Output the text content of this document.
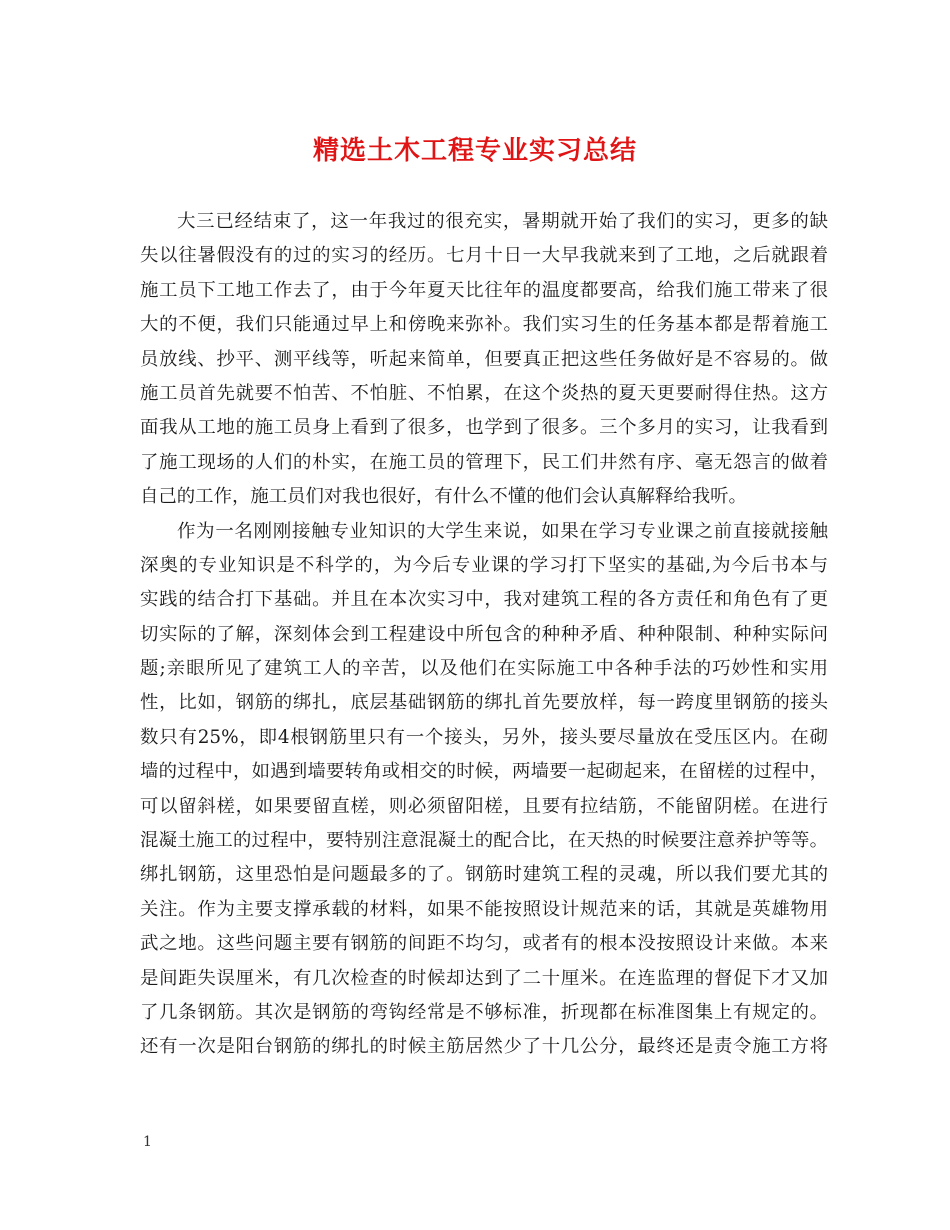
精选土木工程专业实习总结
大三已经结束了，这一年我过的很充实，暑期就开始了我们的实习，更多的缺
失以往暑假没有的过的实习的经历。七月十日一大早我就来到了工地，之后就跟着
施工员下工地工作去了，由于今年夏天比往年的温度都要高，给我们施工带来了很
大的不便，我们只能通过早上和傍晚来弥补。我们实习生的任务基本都是帮着施工
员放线、抄平、测平线等，听起来简单，但要真正把这些任务做好是不容易的。做
施工员首先就要不怕苦、不怕脏、不怕累，在这个炎热的夏天更要耐得住热。这方
面我从工地的施工员身上看到了很多，也学到了很多。三个多月的实习，让我看到
了施工现场的人们的朴实，在施工员的管理下，民工们井然有序、毫无怨言的做着
自己的工作，施工员们对我也很好，有什么不懂的他们会认真解释给我听。
作为一名刚刚接触专业知识的大学生来说，如果在学习专业课之前直接就接触
深奥的专业知识是不科学的，为今后专业课的学习打下坚实的基础,为今后书本与
实践的结合打下基础。并且在本次实习中，我对建筑工程的各方责任和角色有了更
切实际的了解，深刻体会到工程建设中所包含的种种矛盾、种种限制、种种实际问
题;亲眼所见了建筑工人的辛苦，以及他们在实际施工中各种手法的巧妙性和实用
性，比如，钢筋的绑扎，底层基础钢筋的绑扎首先要放样，每一跨度里钢筋的接头
数只有25%，即4根钢筋里只有一个接头，另外，接头要尽量放在受压区内。在砌
墙的过程中，如遇到墙要转角或相交的时候，两墙要一起砌起来，在留槎的过程中，
可以留斜槎，如果要留直槎，则必须留阳槎，且要有拉结筋，不能留阴槎。在进行
混凝土施工的过程中，要特别注意混凝土的配合比，在天热的时候要注意养护等等。
绑扎钢筋，这里恐怕是问题最多的了。钢筋时建筑工程的灵魂，所以我们要尤其的
关注。作为主要支撑承载的材料，如果不能按照设计规范来的话，其就是英雄物用
武之地。这些问题主要有钢筋的间距不均匀，或者有的根本没按照设计来做。本来
是间距失误厘米，有几次检查的时候却达到了二十厘米。在连监理的督促下才又加
了几条钢筋。其次是钢筋的弯钩经常是不够标准，折现都在标准图集上有规定的。
还有一次是阳台钢筋的绑扎的时候主筋居然少了十几公分，最终还是责令施工方将
1
